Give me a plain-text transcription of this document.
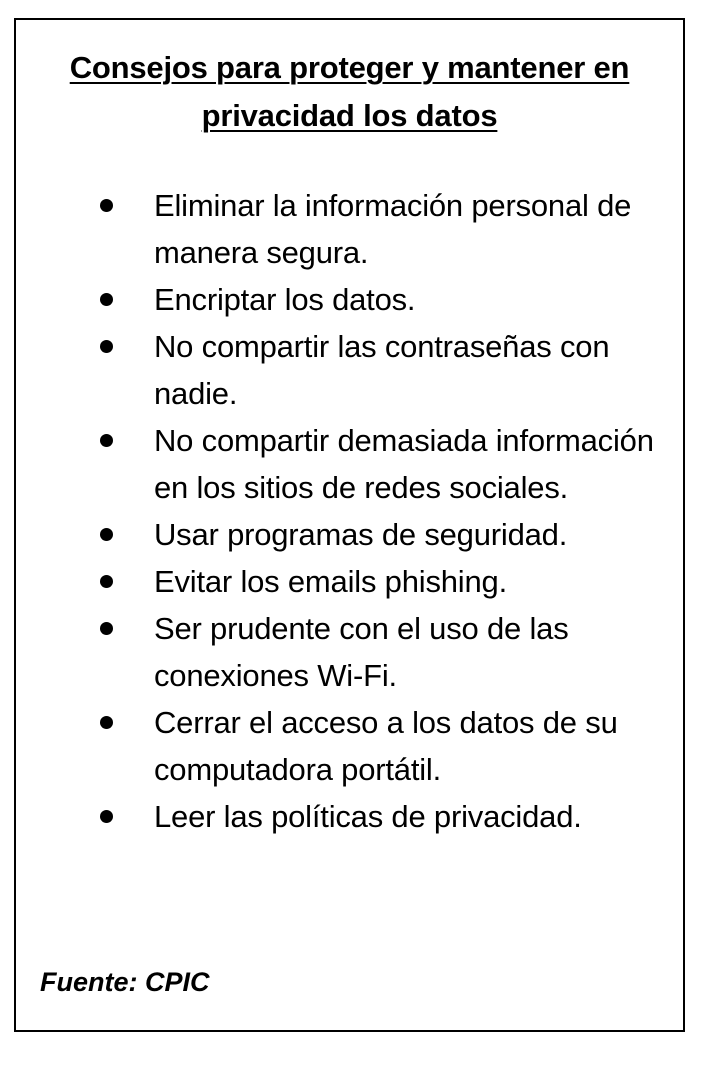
Consejos para proteger y mantener en privacidad los datos
Eliminar la información personal de manera segura.
Encriptar los datos.
No compartir las contraseñas con nadie.
No compartir demasiada información en los sitios de redes sociales.
Usar programas de seguridad.
Evitar los emails phishing.
Ser prudente con el uso de las conexiones Wi-Fi.
Cerrar el acceso a los datos de su computadora portátil.
Leer las políticas de privacidad.
Fuente: CPIC
